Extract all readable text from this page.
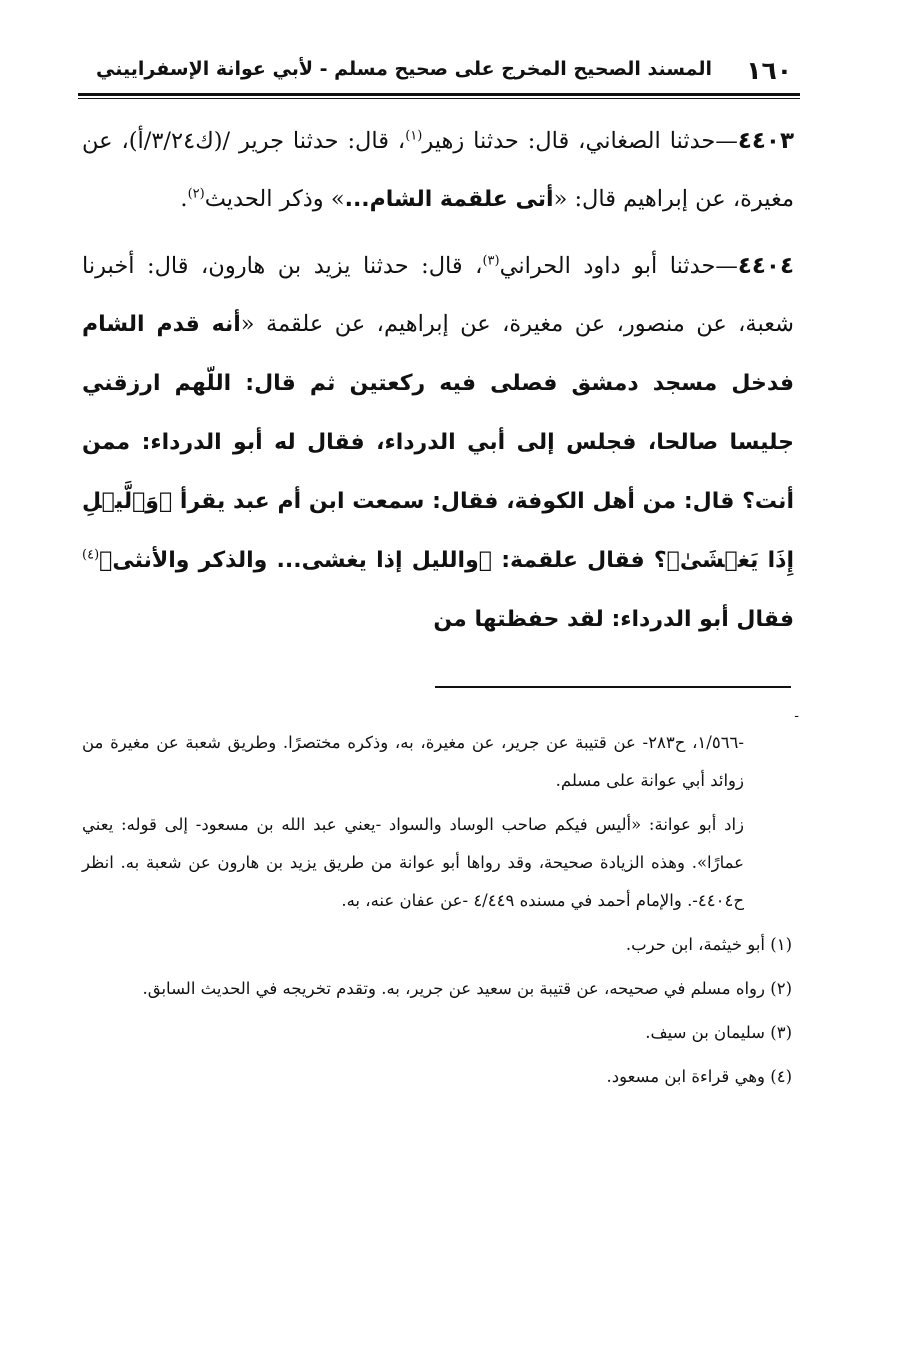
١٦٠
المسند الصحيح المخرج على صحيح مسلم - لأبي عوانة الإسفراييني

٤٤٠٣—حدثنا الصغاني، قال: حدثنا زهير$^{(١)}$، قال: حدثنا جرير /(ك٣/٢٤/أ)، عن مغيرة، عن إبراهيم قال: «أتى علقمة الشام...» وذكر الحديث$^{(٢)}$.

٤٤٠٤—حدثنا أبو داود الحراني$^{(٣)}$، قال: حدثنا يزيد بن هارون، قال: أخبرنا شعبة، عن منصور، عن مغيرة، عن إبراهيم، عن علقمة «أنه قدم الشام فدخل مسجد دمشق فصلى فيه ركعتين ثم قال: اللّهم ارزقني جليسا صالحا، فجلس إلى أبي الدرداء، فقال له أبو الدرداء: ممن أنت؟ قال: من أهل الكوفة، فقال: سمعت ابن أم عبد يقرأ ﴿وَٱلَّيۡلِ إِذَا يَغۡشَىٰ﴾؟ فقال علقمة: ﴿والليل إذا يغشى... والذكر والأنثى﴾$^{(٤)}$ فقال أبو الدرداء: لقد حفظتها من

-
-١/٥٦٦، ح٢٨٣- عن قتيبة عن جرير، عن مغيرة، به، وذكره مختصرًا. وطريق شعبة عن مغيرة من زوائد أبي عوانة على مسلم.
زاد أبو عوانة: «أليس فيكم صاحب الوساد والسواد -يعني عبد الله بن مسعود- إلى قوله: يعني عمارًا». وهذه الزيادة صحيحة، وقد رواها أبو عوانة من طريق يزيد بن هارون عن شعبة به. انظر ح٤٤٠٤-. والإمام أحمد في مسنده ٤/٤٤٩ -عن عفان عنه، به.
(١) أبو خيثمة، ابن حرب.
(٢) رواه مسلم في صحيحه، عن قتيبة بن سعيد عن جرير، به. وتقدم تخريجه في الحديث السابق.
(٣) سليمان بن سيف.
(٤) وهي قراءة ابن مسعود.
